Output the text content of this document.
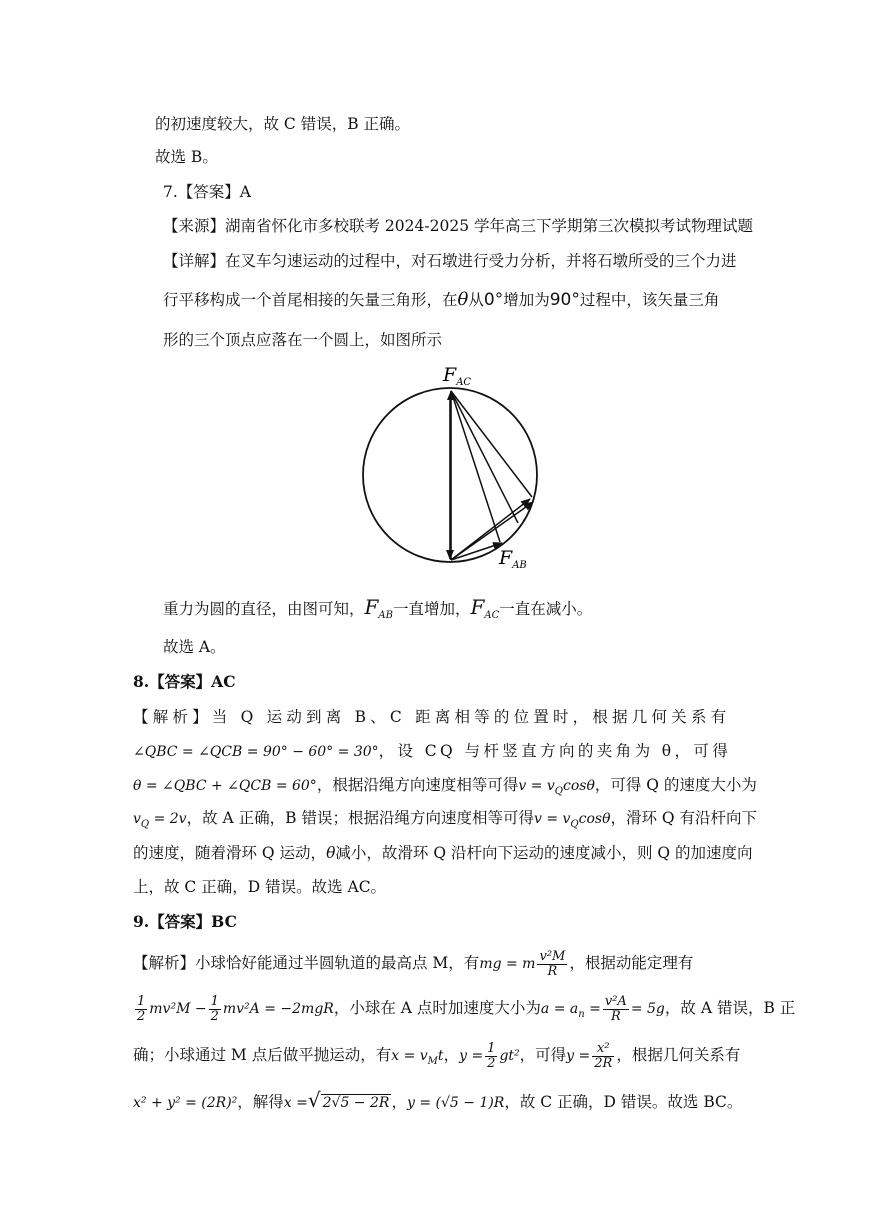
的初速度较大，故 C 错误，B 正确。
故选 B。
7.【答案】A
【来源】湖南省怀化市多校联考 2024-2025 学年高三下学期第三次模拟考试物理试题
【详解】在叉车匀速运动的过程中，对石墩进行受力分析，并将石墩所受的三个力进
行平移构成一个首尾相接的矢量三角形，在θ从0°增加为90°过程中，该矢量三角
形的三个顶点应落在一个圆上，如图所示
$F_{AC}$
$F_{AB}$
重力为圆的直径，由图可知，$F_{AB}$一直增加，$F_{AC}$一直在减小。
故选 A。
8.【答案】AC
【解析】当 Q 运动到离 B、C 距离相等的位置时，根据几何关系有
∠QBC = ∠QCB = 90° − 60° = 30°，设 CQ 与杆竖直方向的夹角为 θ，可得
θ = ∠QBC + ∠QCB = 60°，根据沿绳方向速度相等可得$v = v_Q\cos\theta$，可得 Q 的速度大小为
$v_Q = 2v$，故 A 正确，B 错误；根据沿绳方向速度相等可得$v = v_Q\cos\theta$，滑环 Q 有沿杆向下
的速度，随着滑环 Q 运动，θ减小，故滑环 Q 沿杆向下运动的速度减小，则 Q 的加速度向
上，故 C 正确，D 错误。故选 AC。
9.【答案】BC
【解析】小球恰好能通过半圆轨道的最高点 M，有mg = m $\frac{\text{v²M}}{R}$ ，根据动能定理有
$\frac{1}{2} mv^2M - \frac{1}{2} mv^2A = -2mgR$，小球在 A 点时加速度大小为$a = a_n = \frac{\text{v²A}}{R} = 5g$，故 A 错误，B 正
确；小球通过 M 点后做平抛运动，有$x = v_Mt$，$y = \frac{1}{2} gt^2$，可得$y = \frac{\text{x²}}{2R}$ ，根据几何关系有
x² + y² = (2R)²，解得x =√ 2√5 − 2R ，y = (√5 − 1)R，故 C 正确，D 错误。故选 BC。
